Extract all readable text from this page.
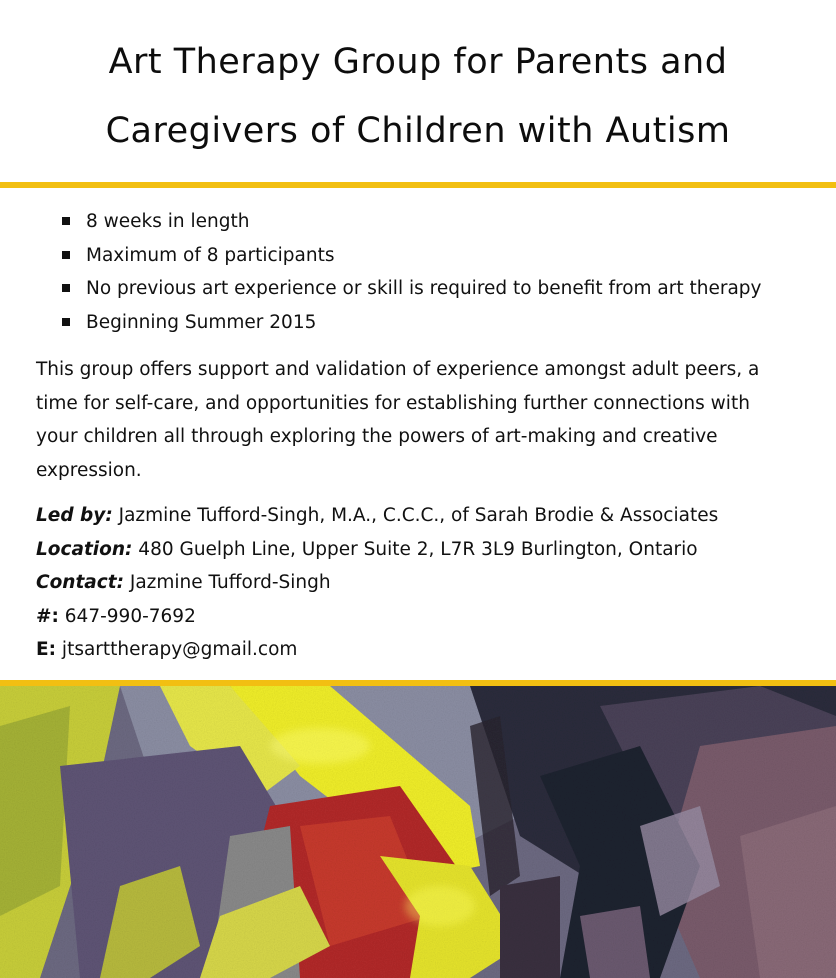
Art Therapy Group for Parents and
Caregivers of Children with Autism
8 weeks in length
Maximum of 8 participants
No previous art experience or skill is required to benefit from art therapy
Beginning Summer 2015

This group offers support and validation of experience amongst adult peers, a time for self-care, and opportunities for establishing further connections with your children all through exploring the powers of art-making and creative expression.

Led by: Jazmine Tufford-Singh, M.A., C.C.C., of Sarah Brodie & Associates
Location: 480 Guelph Line, Upper Suite 2, L7R 3L9 Burlington, Ontario
Contact: Jazmine Tufford-Singh
#: 647-990-7692
E: jtsarttherapy@gmail.com
